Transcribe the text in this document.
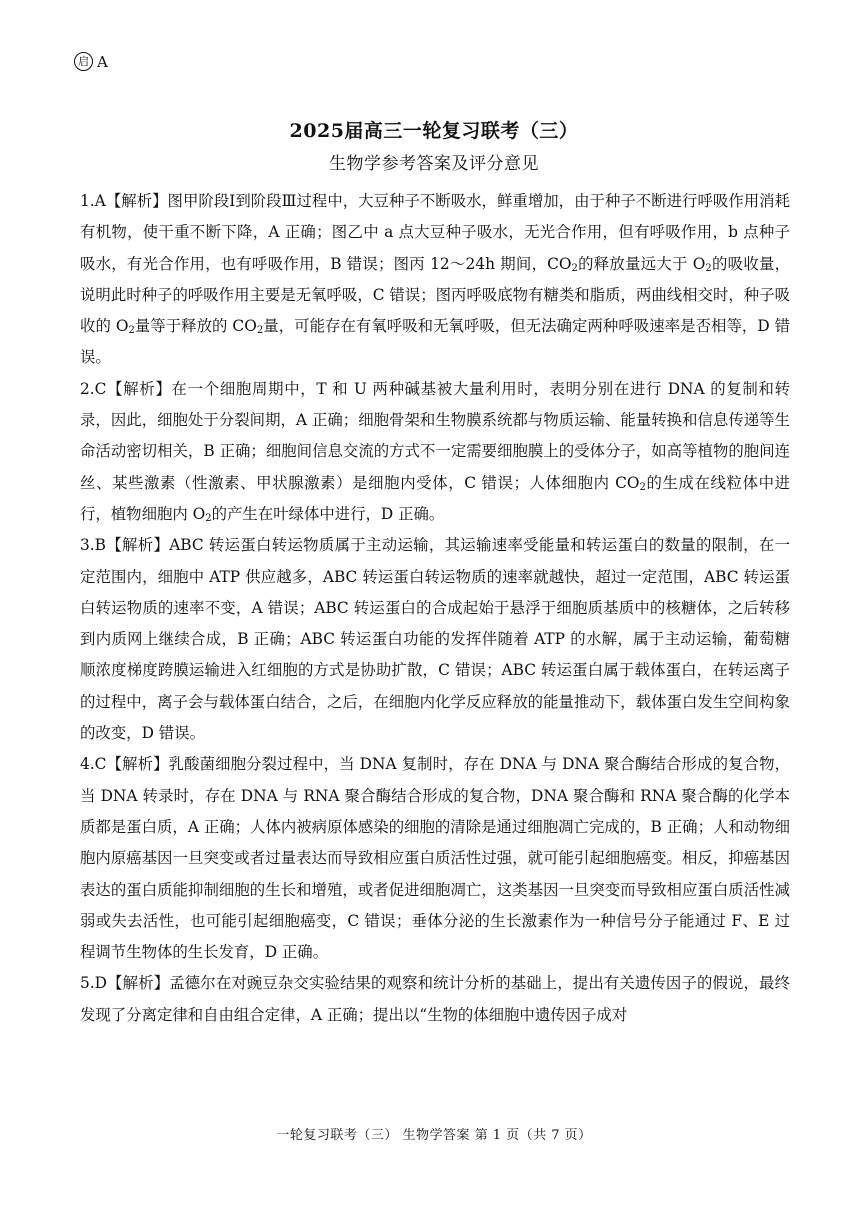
启 A
2025届高三一轮复习联考（三）
生物学参考答案及评分意见

1.A【解析】图甲阶段Ⅰ到阶段Ⅲ过程中，大豆种子不断吸水，鲜重增加，由于种子不断进行呼吸作用消耗有机物，使干重不断下降，A 正确；图乙中 a 点大豆种子吸水，无光合作用，但有呼吸作用，b 点种子吸水，有光合作用，也有呼吸作用，B 错误；图丙 12～24h 期间，$CO_2$的释放量远大于 $O_2$的吸收量，说明此时种子的呼吸作用主要是无氧呼吸，C 错误；图丙呼吸底物有糖类和脂质，两曲线相交时，种子吸收的 $O_2$量等于释放的 $CO_2$量，可能存在有氧呼吸和无氧呼吸，但无法确定两种呼吸速率是否相等，D 错误。

2.C【解析】在一个细胞周期中，T 和 U 两种碱基被大量利用时，表明分别在进行 DNA 的复制和转录，因此，细胞处于分裂间期，A 正确；细胞骨架和生物膜系统都与物质运输、能量转换和信息传递等生命活动密切相关，B 正确；细胞间信息交流的方式不一定需要细胞膜上的受体分子，如高等植物的胞间连丝、某些激素（性激素、甲状腺激素）是细胞内受体，C 错误；人体细胞内 $CO_2$的生成在线粒体中进行，植物细胞内 $O_2$的产生在叶绿体中进行，D 正确。

3.B【解析】ABC 转运蛋白转运物质属于主动运输，其运输速率受能量和转运蛋白的数量的限制，在一定范围内，细胞中 ATP 供应越多，ABC 转运蛋白转运物质的速率就越快，超过一定范围，ABC 转运蛋白转运物质的速率不变，A 错误；ABC 转运蛋白的合成起始于悬浮于细胞质基质中的核糖体，之后转移到内质网上继续合成，B 正确；ABC 转运蛋白功能的发挥伴随着 ATP 的水解，属于主动运输，葡萄糖顺浓度梯度跨膜运输进入红细胞的方式是协助扩散，C 错误；ABC 转运蛋白属于载体蛋白，在转运离子的过程中，离子会与载体蛋白结合，之后，在细胞内化学反应释放的能量推动下，载体蛋白发生空间构象的改变，D 错误。

4.C【解析】乳酸菌细胞分裂过程中，当 DNA 复制时，存在 DNA 与 DNA 聚合酶结合形成的复合物，当 DNA 转录时，存在 DNA 与 RNA 聚合酶结合形成的复合物，DNA 聚合酶和 RNA 聚合酶的化学本质都是蛋白质，A 正确；人体内被病原体感染的细胞的清除是通过细胞凋亡完成的，B 正确；人和动物细胞内原癌基因一旦突变或者过量表达而导致相应蛋白质活性过强，就可能引起细胞癌变。相反，抑癌基因表达的蛋白质能抑制细胞的生长和增殖，或者促进细胞凋亡，这类基因一旦突变而导致相应蛋白质活性减弱或失去活性，也可能引起细胞癌变，C 错误；垂体分泌的生长激素作为一种信号分子能通过 F、E 过程调节生物体的生长发育，D 正确。

5.D【解析】孟德尔在对豌豆杂交实验结果的观察和统计分析的基础上，提出有关遗传因子的假说，最终发现了分离定律和自由组合定律，A 正确；提出以“生物的体细胞中遗传因子成对

一轮复习联考（三） 生物学答案 第 1 页（共 7 页）
